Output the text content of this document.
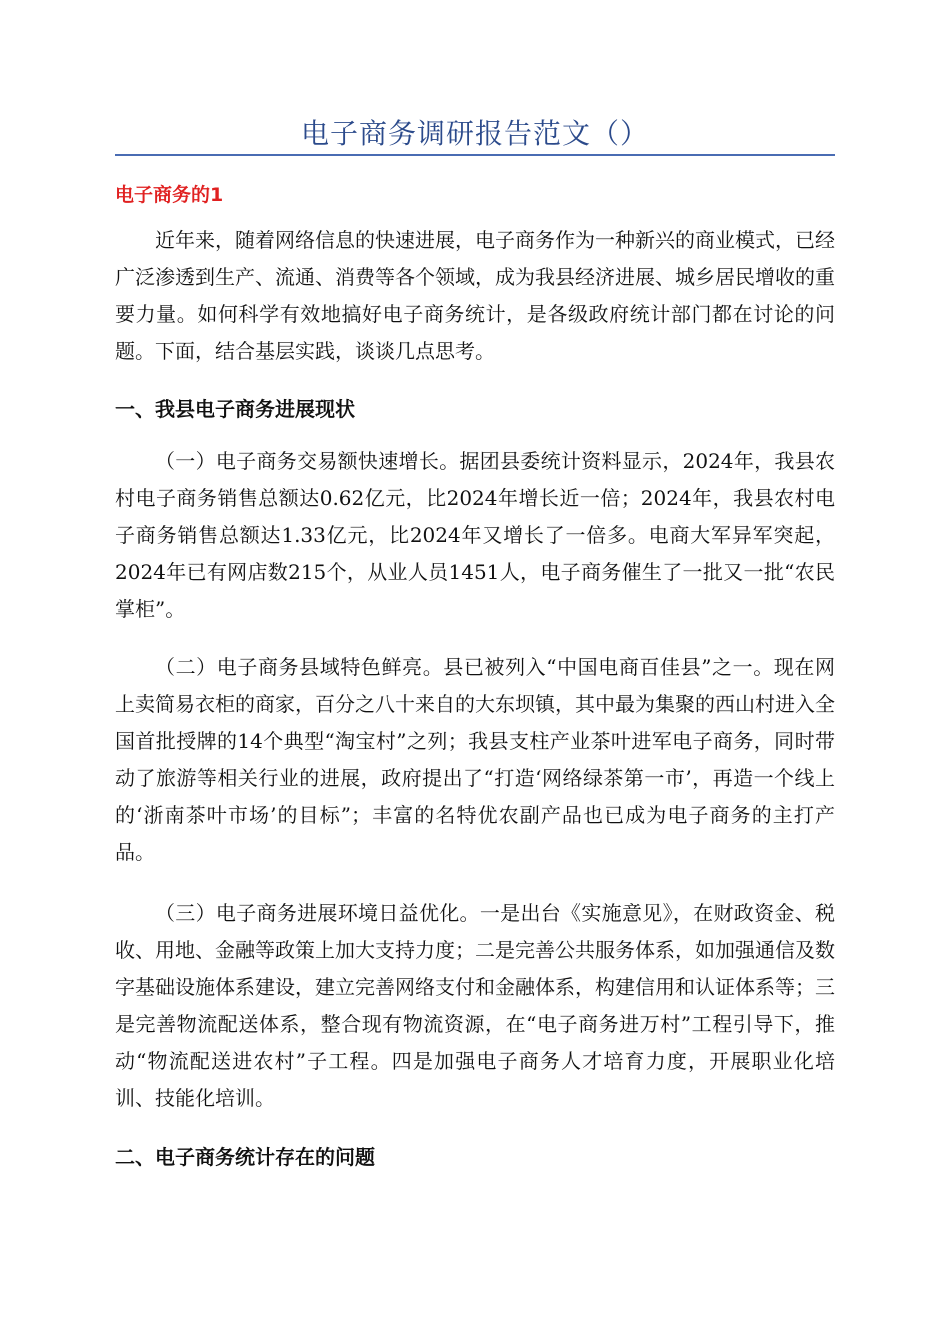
电子商务调研报告范文（）
电子商务的1

近年来，随着网络信息的快速进展，电子商务作为一种新兴的商业模式，已经广泛渗透到生产、流通、消费等各个领域，成为我县经济进展、城乡居民增收的重要力量。如何科学有效地搞好电子商务统计，是各级政府统计部门都在讨论的问题。下面，结合基层实践，谈谈几点思考。

一、我县电子商务进展现状

（一）电子商务交易额快速增长。据团县委统计资料显示，2024年，我县农村电子商务销售总额达0.62亿元，比2024年增长近一倍；2024年，我县农村电子商务销售总额达1.33亿元，比2024年又增长了一倍多。电商大军异军突起，2024年已有网店数215个，从业人员1451人，电子商务催生了一批又一批“农民掌柜”。

（二）电子商务县域特色鲜亮。县已被列入“中国电商百佳县”之一。现在网上卖简易衣柜的商家，百分之八十来自的大东坝镇，其中最为集聚的西山村进入全国首批授牌的14个典型“淘宝村”之列；我县支柱产业茶叶进军电子商务，同时带动了旅游等相关行业的进展，政府提出了“打造‘网络绿茶第一市’，再造一个线上的‘浙南茶叶市场’的目标”；丰富的名特优农副产品也已成为电子商务的主打产品。

（三）电子商务进展环境日益优化。一是出台《实施意见》，在财政资金、税收、用地、金融等政策上加大支持力度；二是完善公共服务体系，如加强通信及数字基础设施体系建设，建立完善网络支付和金融体系，构建信用和认证体系等；三是完善物流配送体系，整合现有物流资源，在“电子商务进万村”工程引导下，推动“物流配送进农村”子工程。四是加强电子商务人才培育力度，开展职业化培训、技能化培训。

二、电子商务统计存在的问题
